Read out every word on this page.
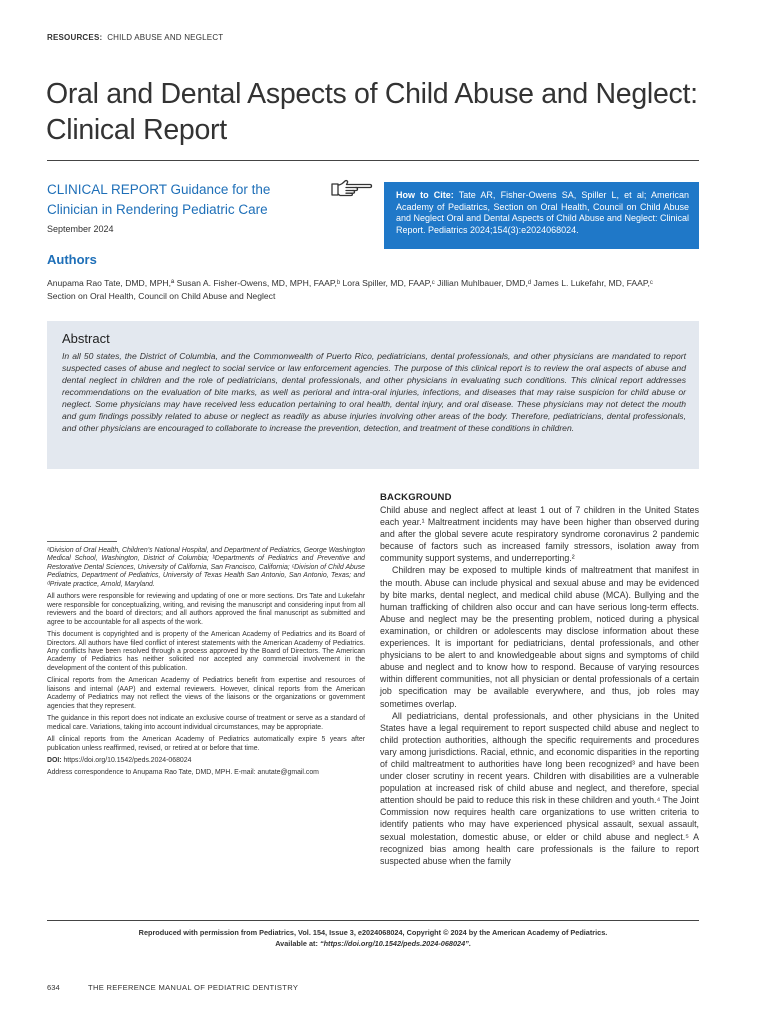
RESOURCES: CHILD ABUSE AND NEGLECT
Oral and Dental Aspects of Child Abuse and Neglect:
Clinical Report
CLINICAL REPORT Guidance for the
Clinician in Rendering Pediatric Care
September 2024
How to Cite: Tate AR, Fisher-Owens SA, Spiller L, et al; American Academy of Pediatrics, Section on Oral Health, Council on Child Abuse and Neglect Oral and Dental Aspects of Child Abuse and Neglect: Clinical Report. Pediatrics 2024;154(3):e2024068024.
Authors
Anupama Rao Tate, DMD, MPH,ª Susan A. Fisher-Owens, MD, MPH, FAAP,ᵇ Lora Spiller, MD, FAAP,ᶜ Jillian Muhlbauer, DMD,ᵈ James L. Lukefahr, MD, FAAP,ᶜ
Section on Oral Health, Council on Child Abuse and Neglect
Abstract
In all 50 states, the District of Columbia, and the Commonwealth of Puerto Rico, pediatricians, dental professionals, and other physicians are mandated to report suspected cases of abuse and neglect to social service or law enforcement agencies. The purpose of this clinical report is to review the oral aspects of abuse and dental neglect in children and the role of pediatricians, dental professionals, and other physicians in evaluating such conditions. This clinical report addresses recommendations on the evaluation of bite marks, as well as perioral and intra-oral injuries, infections, and diseases that may raise suspicion for child abuse or neglect. Some physicians may have received less education pertaining to oral health, dental injury, and oral disease. These physicians may not detect the mouth and gum findings possibly related to abuse or neglect as readily as abuse injuries involving other areas of the body. Therefore, pediatricians, dental professionals, and other physicians are encouraged to collaborate to increase the prevention, detection, and treatment of these conditions in children.

ᵃDivision of Oral Health, Children’s National Hospital, and Department of Pediatrics, George Washington Medical School, Washington, District of Columbia; ᵇDepartments of Pediatrics and Preventive and Restorative Dental Sciences, University of California, San Francisco, California; ᶜDivision of Child Abuse Pediatrics, Department of Pediatrics, University of Texas Health San Antonio, San Antonio, Texas; and ᵈPrivate practice, Arnold, Maryland.

All authors were responsible for reviewing and updating of one or more sections. Drs Tate and Lukefahr were responsible for conceptualizing, writing, and revising the manuscript and considering input from all reviewers and the board of directors; and all authors approved the final manuscript as submitted and agree to be accountable for all aspects of the work.

This document is copyrighted and is property of the American Academy of Pediatrics and its Board of Directors. All authors have filed conflict of interest statements with the American Academy of Pediatrics. Any conflicts have been resolved through a process approved by the Board of Directors. The American Academy of Pediatrics has neither solicited nor accepted any commercial involvement in the development of the content of this publication.

Clinical reports from the American Academy of Pediatrics benefit from expertise and resources of liaisons and internal (AAP) and external reviewers. However, clinical reports from the American Academy of Pediatrics may not reflect the views of the liaisons or the organizations or government agencies that they represent.

The guidance in this report does not indicate an exclusive course of treatment or serve as a standard of medical care. Variations, taking into account individual circumstances, may be appropriate.

All clinical reports from the American Academy of Pediatrics automatically expire 5 years after publication unless reaffirmed, revised, or retired at or before that time.

DOI: https://doi.org/10.1542/peds.2024-068024

Address correspondence to Anupama Rao Tate, DMD, MPH. E-mail: anutate@gmail.com

BACKGROUND

Child abuse and neglect affect at least 1 out of 7 children in the United States each year.¹ Maltreatment incidents may have been higher than observed during and after the global severe acute respiratory syndrome coronavirus 2 pandemic because of factors such as increased family stressors, isolation away from community support systems, and underreporting.²

Children may be exposed to multiple kinds of maltreatment that manifest in the mouth. Abuse can include physical and sexual abuse and may be evidenced by bite marks, dental neglect, and medical child abuse (MCA). Bullying and the human trafficking of children also occur and can have serious long-term effects. Abuse and neglect may be the presenting problem, noticed during a physical examination, or children or adolescents may disclose information about these experiences. It is important for pediatricians, dental professionals, and other physicians to be alert to and knowledgeable about signs and symptoms of child abuse and neglect and to know how to respond. Because of varying resources within different communities, not all physician or dental professionals of a certain job specification may be available everywhere, and thus, job roles may sometimes overlap.

All pediatricians, dental professionals, and other physicians in the United States have a legal requirement to report suspected child abuse and neglect to child protection authorities, although the specific requirements and procedures vary among jurisdictions. Racial, ethnic, and economic disparities in the reporting of child maltreatment to authorities have long been recognized³ and have been under closer scrutiny in recent years. Children with disabilities are a vulnerable population at increased risk of child abuse and neglect, and therefore, special attention should be paid to reduce this risk in these children and youth.⁴ The Joint Commission now requires health care organizations to use written criteria to identify patients who may have experienced physical assault, sexual assault, sexual molestation, domestic abuse, or elder or child abuse and neglect.⁵ A recognized bias among health care professionals is the failure to report suspected abuse when the family

Reproduced with permission from Pediatrics, Vol. 154, Issue 3, e2024068024, Copyright © 2024 by the American Academy of Pediatrics.
Available at: “https://doi.org/10.1542/peds.2024-068024”.
634	THE REFERENCE MANUAL OF PEDIATRIC DENTISTRY
